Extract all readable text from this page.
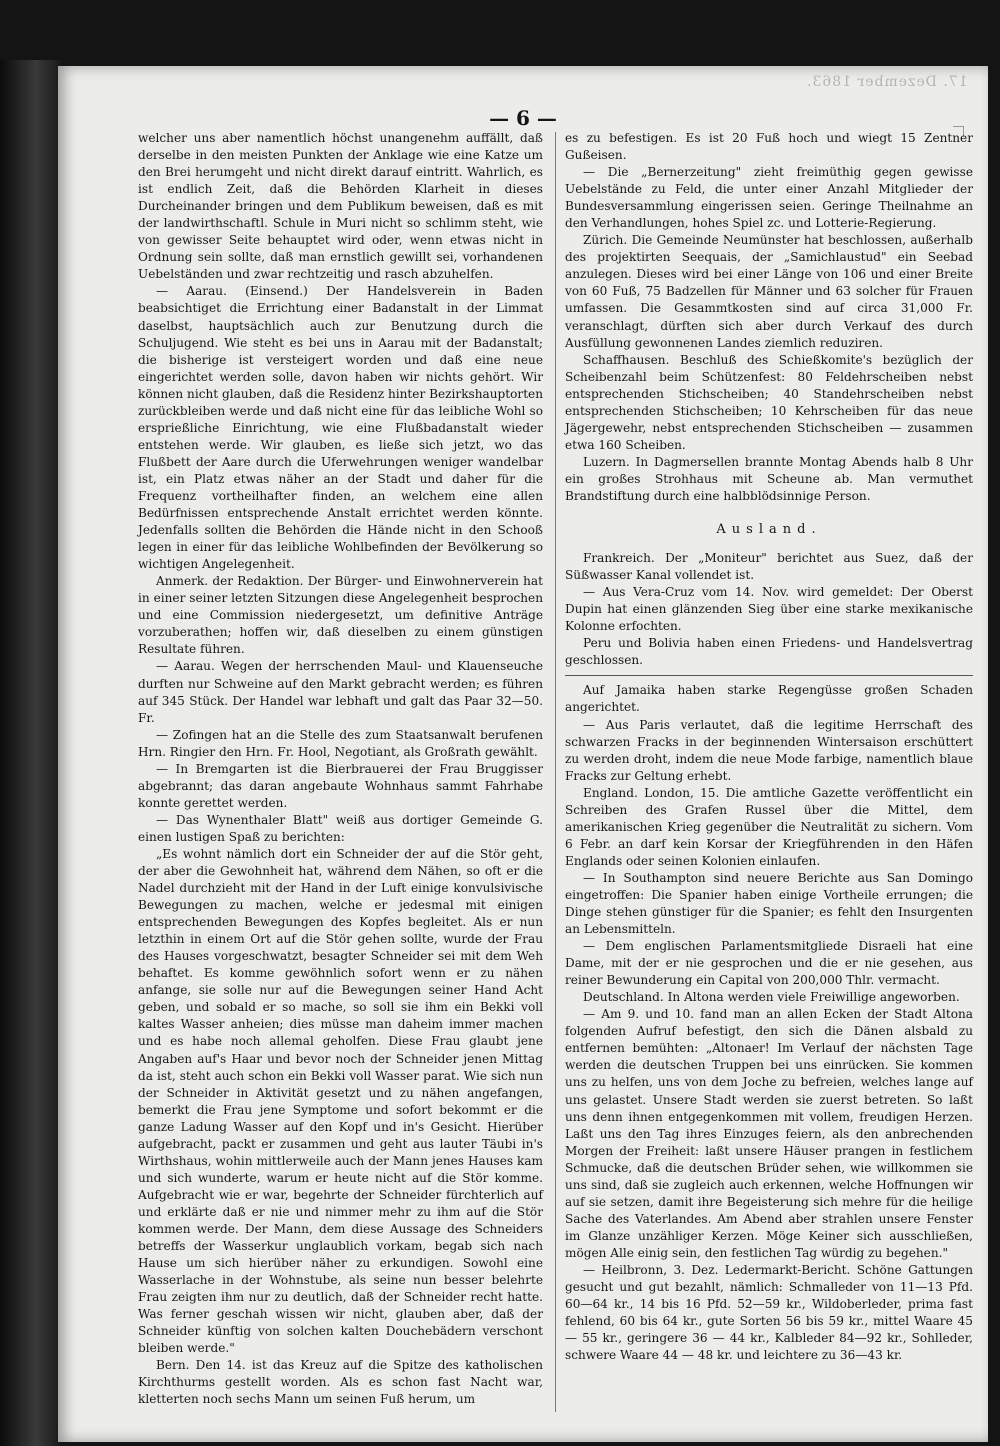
17. Dezember 1863.
— 6 —

welcher uns aber namentlich höchst unangenehm auffällt, daß derselbe in den meisten Punkten der Anklage wie eine Katze um den Brei herumgeht und nicht direkt darauf eintritt. Wahrlich, es ist endlich Zeit, daß die Behörden Klarheit in dieses Durcheinander bringen und dem Publikum beweisen, daß es mit der landwirthschaftl. Schule in Muri nicht so schlimm steht, wie von gewisser Seite behauptet wird oder, wenn etwas nicht in Ordnung sein sollte, daß man ernstlich gewillt sei, vorhandenen Uebelständen und zwar rechtzeitig und rasch abzuhelfen.

— Aarau. (Einsend.) Der Handelsverein in Baden beabsichtiget die Errichtung einer Badanstalt in der Limmat daselbst, hauptsächlich auch zur Benutzung durch die Schuljugend. Wie steht es bei uns in Aarau mit der Badanstalt; die bisherige ist versteigert worden und daß eine neue eingerichtet werden solle, davon haben wir nichts gehört. Wir können nicht glauben, daß die Residenz hinter Bezirkshauptorten zurückbleiben werde und daß nicht eine für das leibliche Wohl so ersprießliche Einrichtung, wie eine Flußbadanstalt wieder entstehen werde. Wir glauben, es ließe sich jetzt, wo das Flußbett der Aare durch die Uferwehrungen weniger wandelbar ist, ein Platz etwas näher an der Stadt und daher für die Frequenz vortheilhafter finden, an welchem eine allen Bedürfnissen entsprechende Anstalt errichtet werden könnte. Jedenfalls sollten die Behörden die Hände nicht in den Schooß legen in einer für das leibliche Wohlbefinden der Bevölkerung so wichtigen Angelegenheit.

Anmerk. der Redaktion. Der Bürger- und Einwohnerverein hat in einer seiner letzten Sitzungen diese Angelegenheit besprochen und eine Commission niedergesetzt, um definitive Anträge vorzuberathen; hoffen wir, daß dieselben zu einem günstigen Resultate führen.

— Aarau. Wegen der herrschenden Maul- und Klauenseuche durften nur Schweine auf den Markt gebracht werden; es führen auf 345 Stück. Der Handel war lebhaft und galt das Paar 32—50. Fr.

— Zofingen hat an die Stelle des zum Staatsanwalt berufenen Hrn. Ringier den Hrn. Fr. Hool, Negotiant, als Großrath gewählt.

— In Bremgarten ist die Bierbrauerei der Frau Bruggisser abgebrannt; das daran angebaute Wohnhaus sammt Fahrhabe konnte gerettet werden.

— Das Wynenthaler Blatt" weiß aus dortiger Gemeinde G. einen lustigen Spaß zu berichten:

„Es wohnt nämlich dort ein Schneider der auf die Stör geht, der aber die Gewohnheit hat, während dem Nähen, so oft er die Nadel durchzieht mit der Hand in der Luft einige konvulsivische Bewegungen zu machen, welche er jedesmal mit einigen entsprechenden Bewegungen des Kopfes begleitet. Als er nun letzthin in einem Ort auf die Stör gehen sollte, wurde der Frau des Hauses vorgeschwatzt, besagter Schneider sei mit dem Weh behaftet. Es komme gewöhnlich sofort wenn er zu nähen anfange, sie solle nur auf die Bewegungen seiner Hand Acht geben, und sobald er so mache, so soll sie ihm ein Bekki voll kaltes Wasser anheien; dies müsse man daheim immer machen und es habe noch allemal geholfen. Diese Frau glaubt jene Angaben auf's Haar und bevor noch der Schneider jenen Mittag da ist, steht auch schon ein Bekki voll Wasser parat. Wie sich nun der Schneider in Aktivität gesetzt und zu nähen angefangen, bemerkt die Frau jene Symptome und sofort bekommt er die ganze Ladung Wasser auf den Kopf und in's Gesicht. Hierüber aufgebracht, packt er zusammen und geht aus lauter Täubi in's Wirthshaus, wohin mittlerweile auch der Mann jenes Hauses kam und sich wunderte, warum er heute nicht auf die Stör komme. Aufgebracht wie er war, begehrte der Schneider fürchterlich auf und erklärte daß er nie und nimmer mehr zu ihm auf die Stör kommen werde. Der Mann, dem diese Aussage des Schneiders betreffs der Wasserkur unglaublich vorkam, begab sich nach Hause um sich hierüber näher zu erkundigen. Sowohl eine Wasserlache in der Wohnstube, als seine nun besser belehrte Frau zeigten ihm nur zu deutlich, daß der Schneider recht hatte. Was ferner geschah wissen wir nicht, glauben aber, daß der Schneider künftig von solchen kalten Douchebädern verschont bleiben werde."

Bern. Den 14. ist das Kreuz auf die Spitze des katholischen Kirchthurms gestellt worden. Als es schon fast Nacht war, kletterten noch sechs Mann um seinen Fuß herum, um

es zu befestigen. Es ist 20 Fuß hoch und wiegt 15 Zentner Gußeisen.

— Die „Bernerzeitung" zieht freimüthig gegen gewisse Uebelstände zu Feld, die unter einer Anzahl Mitglieder der Bundesversammlung eingerissen seien. Geringe Theilnahme an den Verhandlungen, hohes Spiel zc. und Lotterie-Regierung.

Zürich. Die Gemeinde Neumünster hat beschlossen, außerhalb des projektirten Seequais, der „Samichlaustud" ein Seebad anzulegen. Dieses wird bei einer Länge von 106 und einer Breite von 60 Fuß, 75 Badzellen für Männer und 63 solcher für Frauen umfassen. Die Gesammtkosten sind auf circa 31,000 Fr. veranschlagt, dürften sich aber durch Verkauf des durch Ausfüllung gewonnenen Landes ziemlich reduziren.

Schaffhausen. Beschluß des Schießkomite's bezüglich der Scheibenzahl beim Schützenfest: 80 Feldehrscheiben nebst entsprechenden Stichscheiben; 40 Standehrscheiben nebst entsprechenden Stichscheiben; 10 Kehrscheiben für das neue Jägergewehr, nebst entsprechenden Stichscheiben — zusammen etwa 160 Scheiben.

Luzern. In Dagmersellen brannte Montag Abends halb 8 Uhr ein großes Strohhaus mit Scheune ab. Man vermuthet Brandstiftung durch eine halbblödsinnige Person.

Ausland.

Frankreich. Der „Moniteur" berichtet aus Suez, daß der Süßwasser Kanal vollendet ist.

— Aus Vera-Cruz vom 14. Nov. wird gemeldet: Der Oberst Dupin hat einen glänzenden Sieg über eine starke mexikanische Kolonne erfochten.

Peru und Bolivia haben einen Friedens- und Handelsvertrag geschlossen.

Auf Jamaika haben starke Regengüsse großen Schaden angerichtet.

— Aus Paris verlautet, daß die legitime Herrschaft des schwarzen Fracks in der beginnenden Wintersaison erschüttert zu werden droht, indem die neue Mode farbige, namentlich blaue Fracks zur Geltung erhebt.

England. London, 15. Die amtliche Gazette veröffentlicht ein Schreiben des Grafen Russel über die Mittel, dem amerikanischen Krieg gegenüber die Neutralität zu sichern. Vom 6 Febr. an darf kein Korsar der Kriegführenden in den Häfen Englands oder seinen Kolonien einlaufen.

— In Southampton sind neuere Berichte aus San Domingo eingetroffen: Die Spanier haben einige Vortheile errungen; die Dinge stehen günstiger für die Spanier; es fehlt den Insurgenten an Lebensmitteln.

— Dem englischen Parlamentsmitgliede Disraeli hat eine Dame, mit der er nie gesprochen und die er nie gesehen, aus reiner Bewunderung ein Capital von 200,000 Thlr. vermacht.

Deutschland. In Altona werden viele Freiwillige angeworben.

— Am 9. und 10. fand man an allen Ecken der Stadt Altona folgenden Aufruf befestigt, den sich die Dänen alsbald zu entfernen bemühten: „Altonaer! Im Verlauf der nächsten Tage werden die deutschen Truppen bei uns einrücken. Sie kommen uns zu helfen, uns von dem Joche zu befreien, welches lange auf uns gelastet. Unsere Stadt werden sie zuerst betreten. So laßt uns denn ihnen entgegenkommen mit vollem, freudigen Herzen. Laßt uns den Tag ihres Einzuges feiern, als den anbrechenden Morgen der Freiheit: laßt unsere Häuser prangen in festlichem Schmucke, daß die deutschen Brüder sehen, wie willkommen sie uns sind, daß sie zugleich auch erkennen, welche Hoffnungen wir auf sie setzen, damit ihre Begeisterung sich mehre für die heilige Sache des Vaterlandes. Am Abend aber strahlen unsere Fenster im Glanze unzähliger Kerzen. Möge Keiner sich ausschließen, mögen Alle einig sein, den festlichen Tag würdig zu begehen."

— Heilbronn, 3. Dez. Ledermarkt-Bericht. Schöne Gattungen gesucht und gut bezahlt, nämlich: Schmalleder von 11—13 Pfd. 60—64 kr., 14 bis 16 Pfd. 52—59 kr., Wildoberleder, prima fast fehlend, 60 bis 64 kr., gute Sorten 56 bis 59 kr., mittel Waare 45 — 55 kr., geringere 36 — 44 kr., Kalbleder 84—92 kr., Sohlleder, schwere Waare 44 — 48 kr. und leichtere zu 36—43 kr.
